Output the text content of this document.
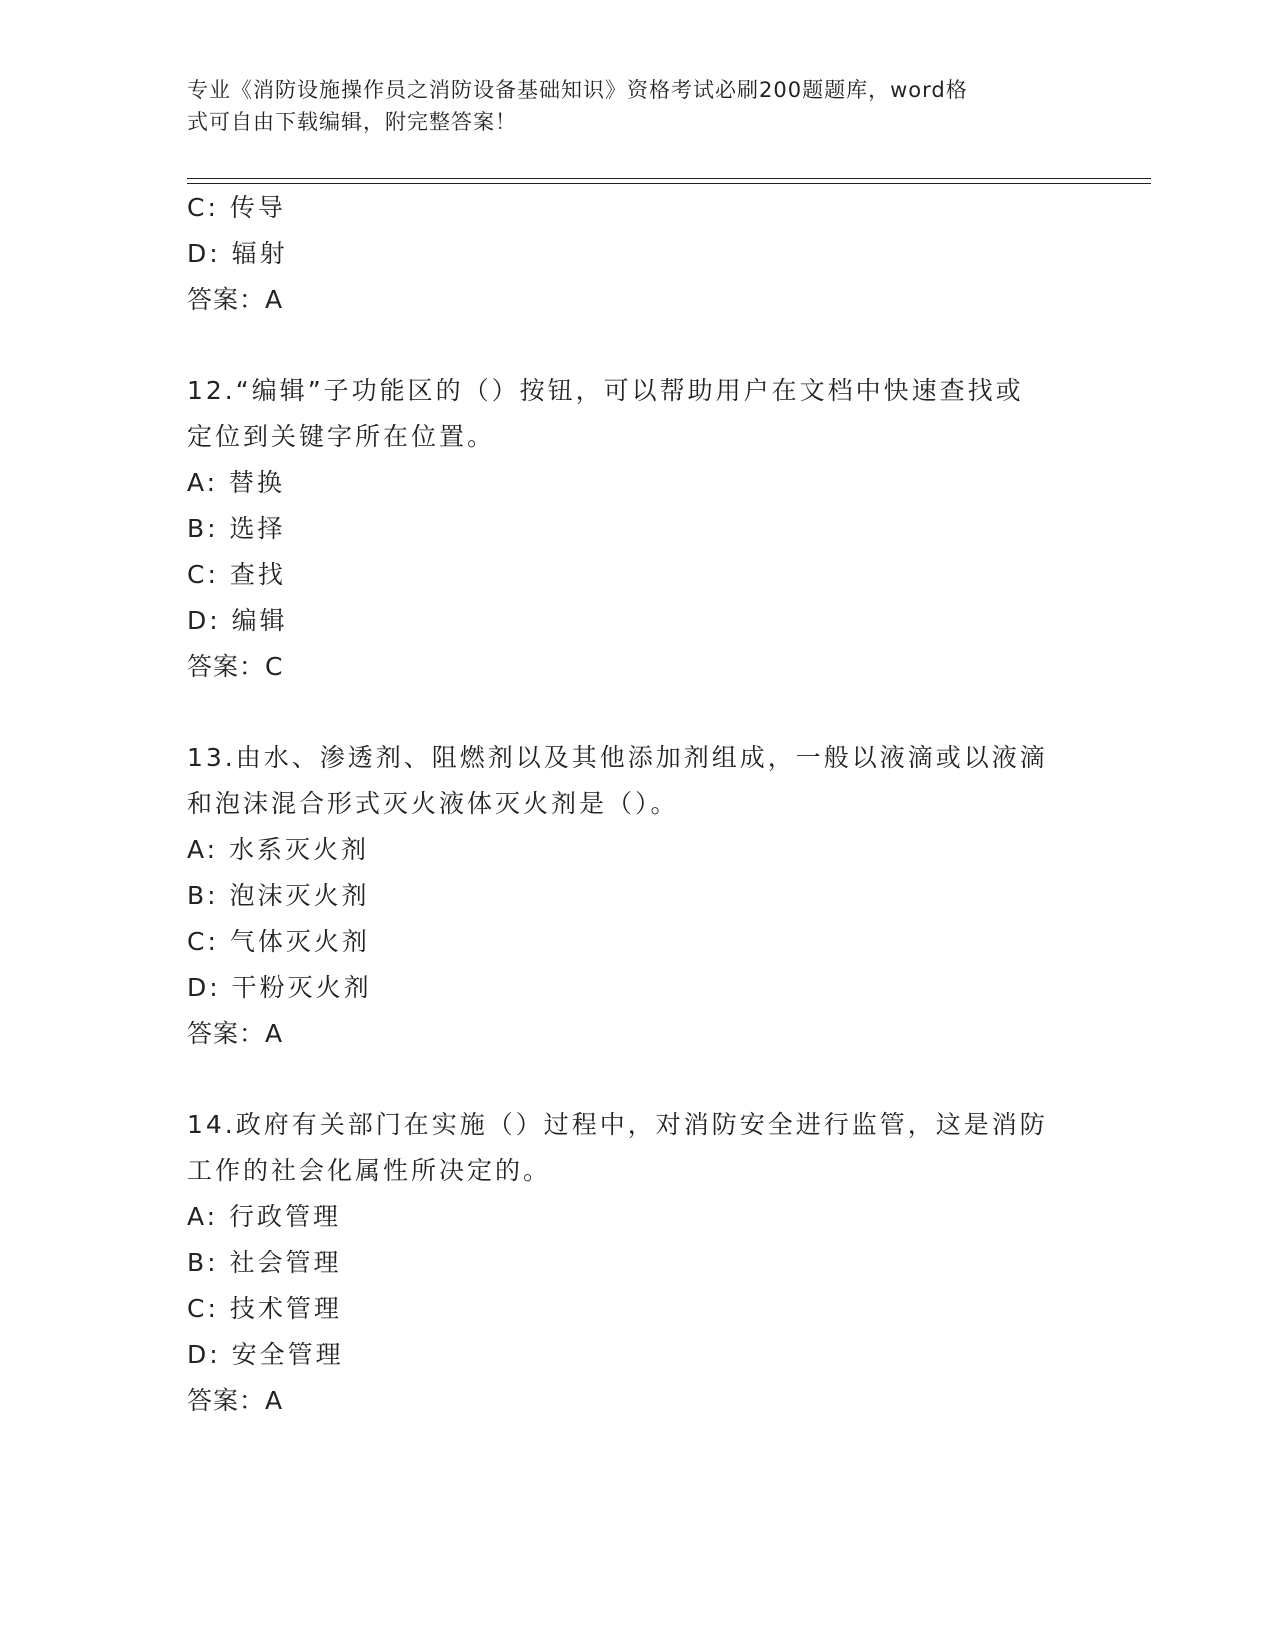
专业《消防设施操作员之消防设备基础知识》资格考试必刷200题题库，word格
式可自由下载编辑，附完整答案！
C: 传导
D: 辐射
答案：A
12.“编辑”子功能区的（）按钮，可以帮助用户在文档中快速查找或
定位到关键字所在位置。
A: 替换
B: 选择
C: 查找
D: 编辑
答案：C
13.由水、渗透剂、阻燃剂以及其他添加剂组成，一般以液滴或以液滴
和泡沫混合形式灭火液体灭火剂是（）。
A: 水系灭火剂
B: 泡沫灭火剂
C: 气体灭火剂
D: 干粉灭火剂
答案：A
14.政府有关部门在实施（）过程中，对消防安全进行监管，这是消防
工作的社会化属性所决定的。
A: 行政管理
B: 社会管理
C: 技术管理
D: 安全管理
答案：A
